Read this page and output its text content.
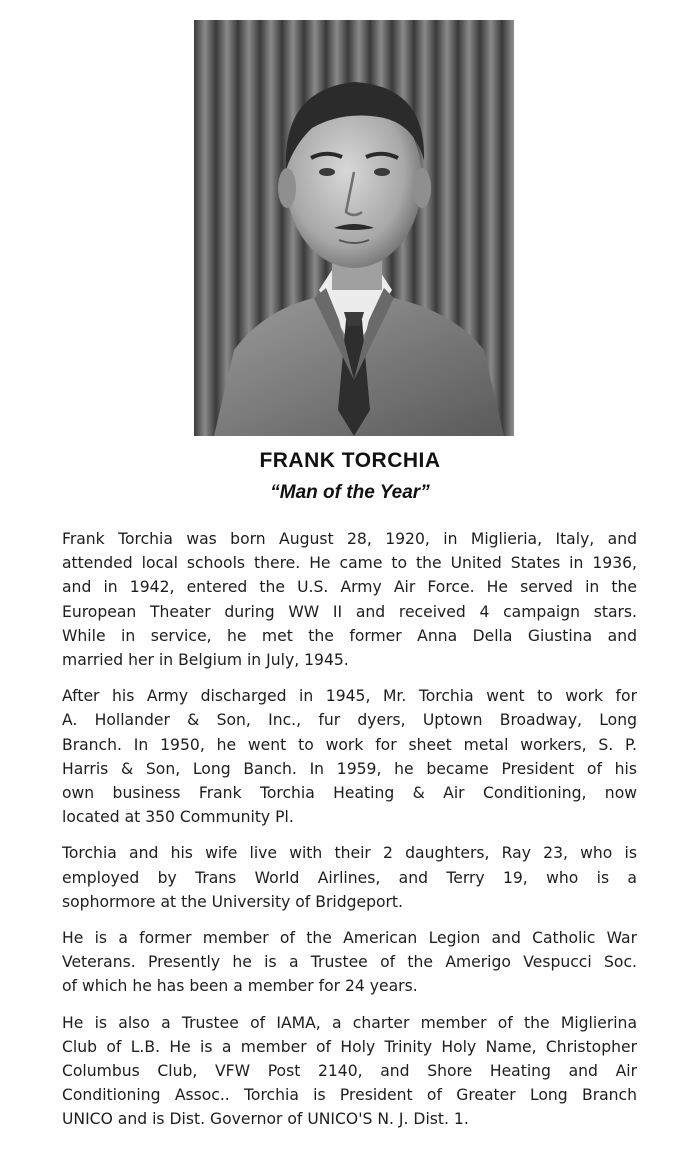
FRANK TORCHIA
“Man of the Year”

Frank Torchia was born August 28, 1920, in Miglieria, Italy, and
attended local schools there. He came to the United States in 1936,
and in 1942, entered the U.S. Army Air Force. He served in the
European Theater during WW II and received 4 campaign stars.
While in service, he met the former Anna Della Giustina and
married her in Belgium in July, 1945.

After his Army discharged in 1945, Mr. Torchia went to work for
A. Hollander & Son, Inc., fur dyers, Uptown Broadway, Long
Branch. In 1950, he went to work for sheet metal workers, S. P.
Harris & Son, Long Banch. In 1959, he became President of his
own business Frank Torchia Heating & Air Conditioning, now
located at 350 Community Pl.

Torchia and his wife live with their 2 daughters, Ray 23, who is
employed by Trans World Airlines, and Terry 19, who is a
sophormore at the University of Bridgeport.

He is a former member of the American Legion and Catholic War
Veterans. Presently he is a Trustee of the Amerigo Vespucci Soc.
of which he has been a member for 24 years.

He is also a Trustee of IAMA, a charter member of the Miglierina
Club of L.B. He is a member of Holy Trinity Holy Name, Christopher
Columbus Club, VFW Post 2140, and Shore Heating and Air
Conditioning Assoc.. Torchia is President of Greater Long Branch
UNICO and is Dist. Governor of UNICO'S N. J. Dist. 1.
